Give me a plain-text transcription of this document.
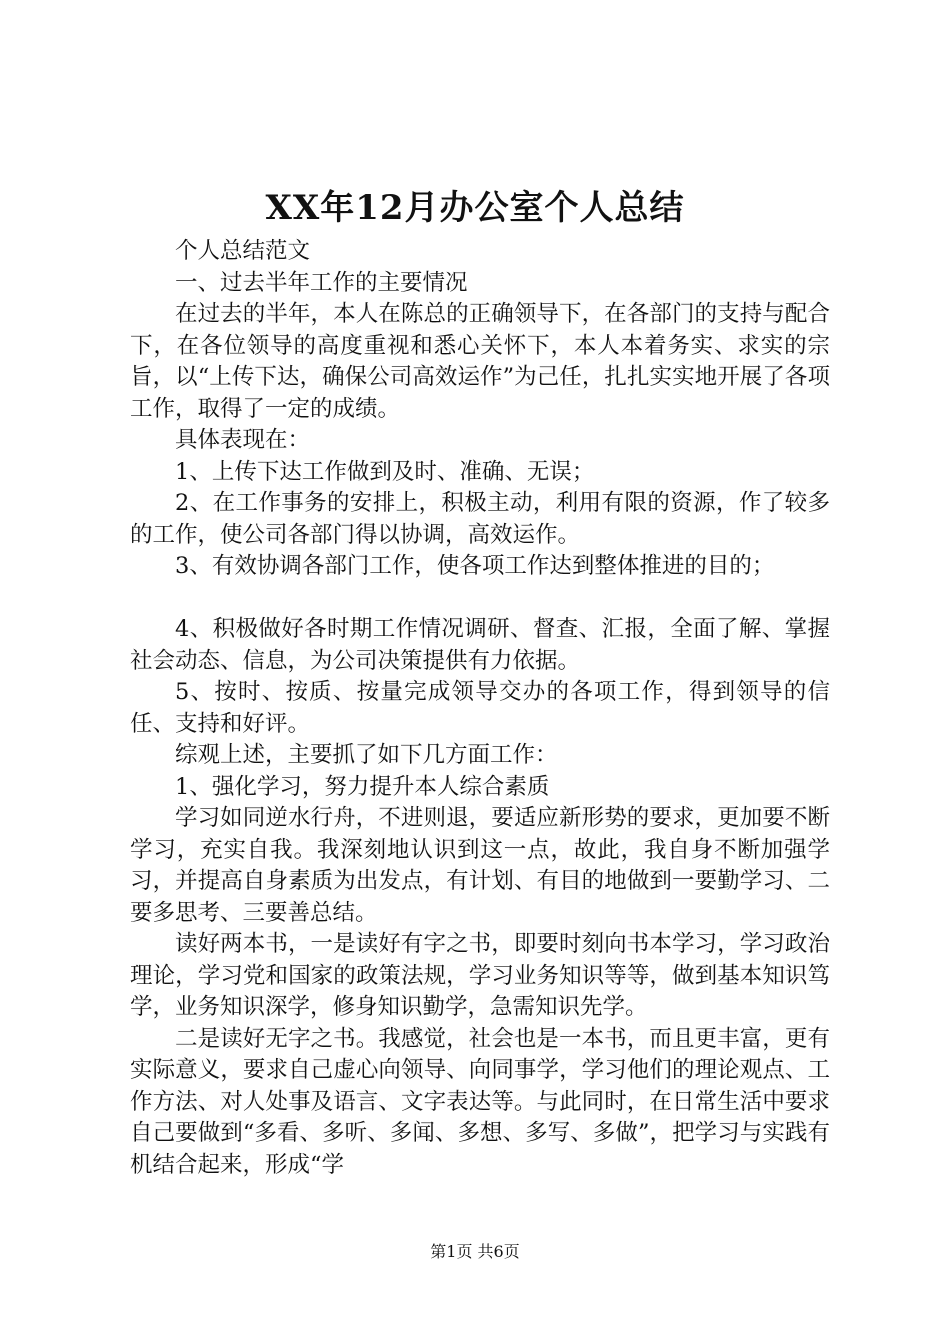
XX年12月办公室个人总结

个人总结范文

一、过去半年工作的主要情况

在过去的半年，本人在陈总的正确领导下，在各部门的支持与配合下，在各位领导的高度重视和悉心关怀下，本人本着务实、求实的宗旨，以“上传下达，确保公司高效运作”为己任，扎扎实实地开展了各项工作，取得了一定的成绩。

具体表现在：

1、上传下达工作做到及时、准确、无误；

2、在工作事务的安排上，积极主动，利用有限的资源，作了较多的工作，使公司各部门得以协调，高效运作。

3、有效协调各部门工作，使各项工作达到整体推进的目的；

4、积极做好各时期工作情况调研、督查、汇报，全面了解、掌握社会动态、信息，为公司决策提供有力依据。

5、按时、按质、按量完成领导交办的各项工作，得到领导的信任、支持和好评。

综观上述，主要抓了如下几方面工作：

1、强化学习，努力提升本人综合素质

学习如同逆水行舟，不进则退，要适应新形势的要求，更加要不断学习，充实自我。我深刻地认识到这一点，故此，我自身不断加强学习，并提高自身素质为出发点，有计划、有目的地做到一要勤学习、二要多思考、三要善总结。

读好两本书，一是读好有字之书，即要时刻向书本学习，学习政治理论，学习党和国家的政策法规，学习业务知识等等，做到基本知识笃学，业务知识深学，修身知识勤学，急需知识先学。

二是读好无字之书。我感觉，社会也是一本书，而且更丰富，更有实际意义，要求自己虚心向领导、向同事学，学习他们的理论观点、工作方法、对人处事及语言、文字表达等。与此同时，在日常生活中要求自己要做到“多看、多听、多闻、多想、多写、多做”，把学习与实践有机结合起来，形成“学

第1页 共6页
